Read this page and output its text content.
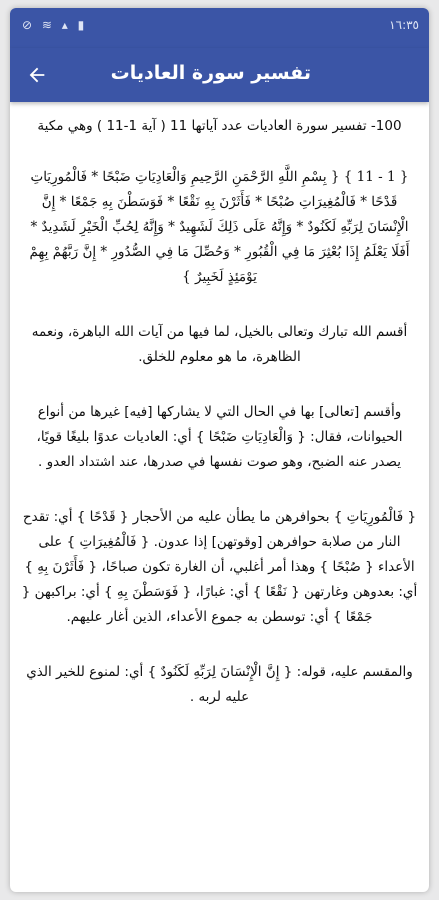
⊘ ≋ ▴ ▮	١٦:٣٥
تفسير سورة العاديات

100- تفسير سورة العاديات عدد آياتها 11 ( آية 1-11 ) وهي مكية

{ 1 - 11 } { بِسْمِ اللَّهِ الرَّحْمَنِ الرَّحِيمِ وَالْعَادِيَاتِ ضَبْحًا * فَالْمُورِيَاتِ قَدْحًا * فَالْمُغِيرَاتِ صُبْحًا * فَأَثَرْنَ بِهِ نَقْعًا * فَوَسَطْنَ بِهِ جَمْعًا * إِنَّ الْإِنْسَانَ لِرَبِّهِ لَكَنُودٌ * وَإِنَّهُ عَلَى ذَلِكَ لَشَهِيدٌ * وَإِنَّهُ لِحُبِّ الْخَيْرِ لَشَدِيدٌ * أَفَلَا يَعْلَمُ إِذَا بُعْثِرَ مَا فِي الْقُبُورِ * وَحُصِّلَ مَا فِي الصُّدُورِ * إِنَّ رَبَّهُمْ بِهِمْ يَوْمَئِذٍ لَخَبِيرٌ }

أقسم الله تبارك وتعالى بالخيل، لما فيها من آيات الله الباهرة، ونعمه الظاهرة، ما هو معلوم للخلق.

وأقسم [تعالى] بها في الحال التي لا يشاركها [فيه] غيرها من أنواع الحيوانات، فقال: { وَالْعَادِيَاتِ ضَبْحًا } أي: العاديات عدوًا بليغًا قويًا، يصدر عنه الضبح، وهو صوت نفسها في صدرها، عند اشتداد العدو .

{ فَالْمُورِيَاتِ } بحوافرهن ما يطأن عليه من الأحجار { قَدْحًا } أي: تقدح النار من صلابة حوافرهن [وقوتهن] إذا عدون. { فَالْمُغِيرَاتِ } على الأعداء { صُبْحًا } وهذا أمر أغلبي، أن الغارة تكون صباحًا، { فَأَثَرْنَ بِهِ } أي: بعدوهن وغارتهن { نَقْعًا } أي: غبارًا، { فَوَسَطْنَ بِهِ } أي: براكبهن { جَمْعًا } أي: توسطن به جموع الأعداء، الذين أغار عليهم.

والمقسم عليه، قوله: { إِنَّ الْإِنْسَانَ لِرَبِّهِ لَكَنُودٌ } أي: لمنوع للخير الذي عليه لربه .
